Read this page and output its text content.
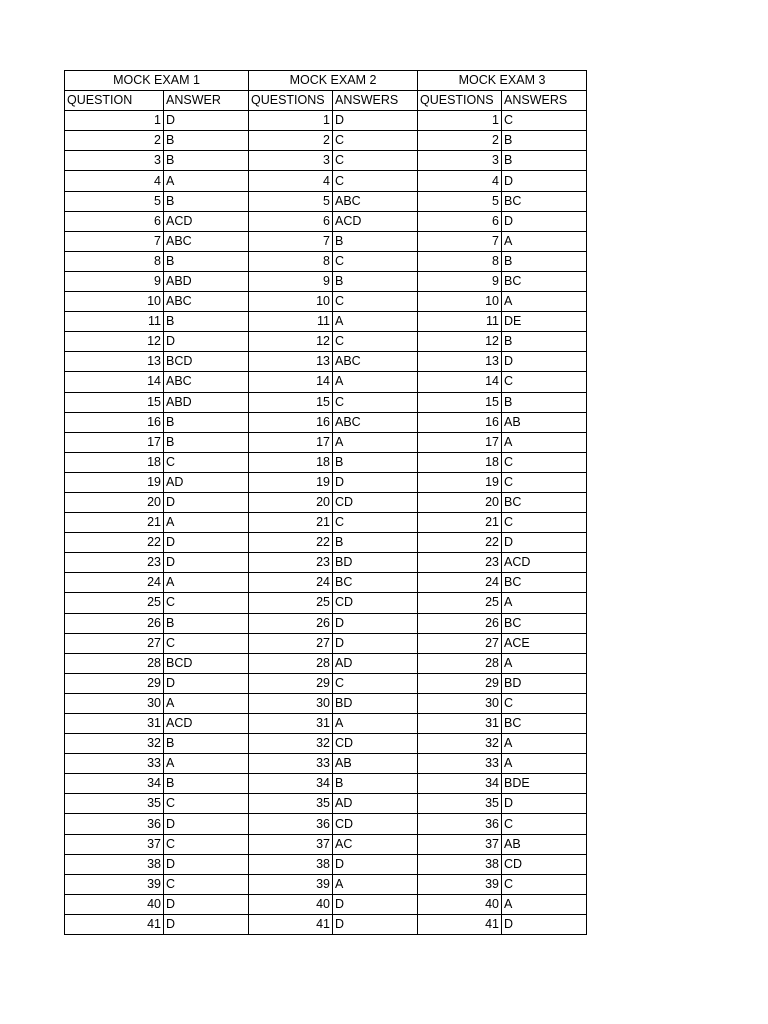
MOCK EXAM 1		MOCK EXAM 2		MOCK EXAM 3	
QUESTION	ANSWER	QUESTIONS	ANSWERS	QUESTIONS	ANSWERS
1	D	1	D	1	C
2	B	2	C	2	B
3	B	3	C	3	B
4	A	4	C	4	D
5	B	5	ABC	5	BC
6	ACD	6	ACD	6	D
7	ABC	7	B	7	A
8	B	8	C	8	B
9	ABD	9	B	9	BC
10	ABC	10	C	10	A
11	B	11	A	11	DE
12	D	12	C	12	B
13	BCD	13	ABC	13	D
14	ABC	14	A	14	C
15	ABD	15	C	15	B
16	B	16	ABC	16	AB
17	B	17	A	17	A
18	C	18	B	18	C
19	AD	19	D	19	C
20	D	20	CD	20	BC
21	A	21	C	21	C
22	D	22	B	22	D
23	D	23	BD	23	ACD
24	A	24	BC	24	BC
25	C	25	CD	25	A
26	B	26	D	26	BC
27	C	27	D	27	ACE
28	BCD	28	AD	28	A
29	D	29	C	29	BD
30	A	30	BD	30	C
31	ACD	31	A	31	BC
32	B	32	CD	32	A
33	A	33	AB	33	A
34	B	34	B	34	BDE
35	C	35	AD	35	D
36	D	36	CD	36	C
37	C	37	AC	37	AB
38	D	38	D	38	CD
39	C	39	A	39	C
40	D	40	D	40	A
41	D	41	D	41	D
